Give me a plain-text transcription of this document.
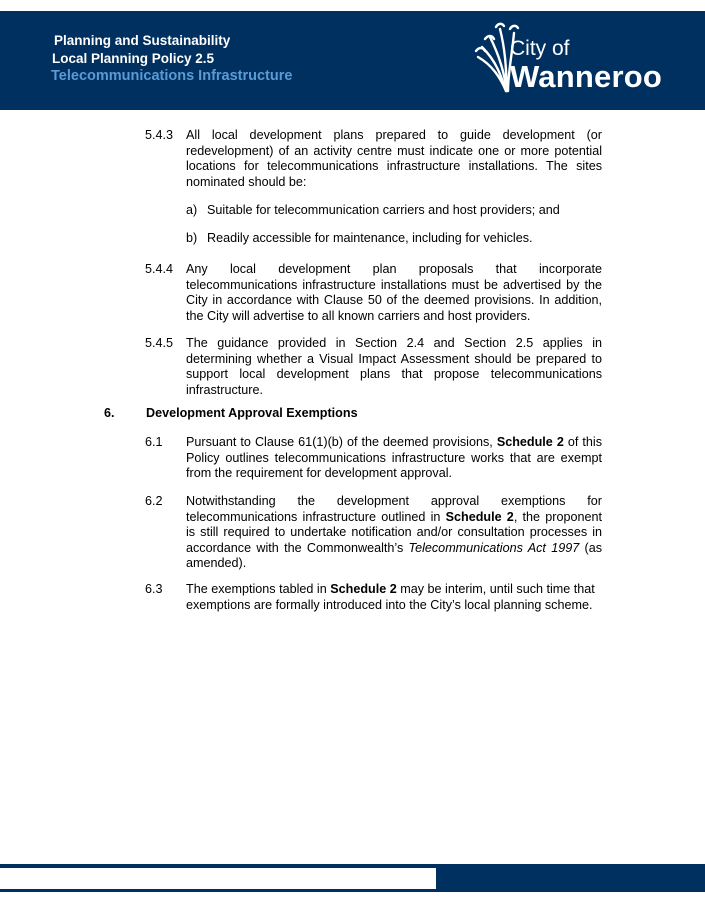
Planning and Sustainability
Local Planning Policy 2.5
Telecommunications Infrastructure
City of
Wanneroo
5.4.3 All local development plans prepared to guide development (or redevelopment) of an activity centre must indicate one or more potential locations for telecommunications infrastructure installations. The sites nominated should be:
a) Suitable for telecommunication carriers and host providers; and
b) Readily accessible for maintenance, including for vehicles.
5.4.4 Any local development plan proposals that incorporate telecommunications infrastructure installations must be advertised by the City in accordance with Clause 50 of the deemed provisions. In addition, the City will advertise to all known carriers and host providers.
5.4.5 The guidance provided in Section 2.4 and Section 2.5 applies in determining whether a Visual Impact Assessment should be prepared to support local development plans that propose telecommunications infrastructure.
6. Development Approval Exemptions
6.1 Pursuant to Clause 61(1)(b) of the deemed provisions, Schedule 2 of this Policy outlines telecommunications infrastructure works that are exempt from the requirement for development approval.
6.2 Notwithstanding the development approval exemptions for telecommunications infrastructure outlined in Schedule 2, the proponent is still required to undertake notification and/or consultation processes in accordance with the Commonwealth’s Telecommunications Act 1997 (as amended).
6.3 The exemptions tabled in Schedule 2 may be interim, until such time that exemptions are formally introduced into the City’s local planning scheme.
